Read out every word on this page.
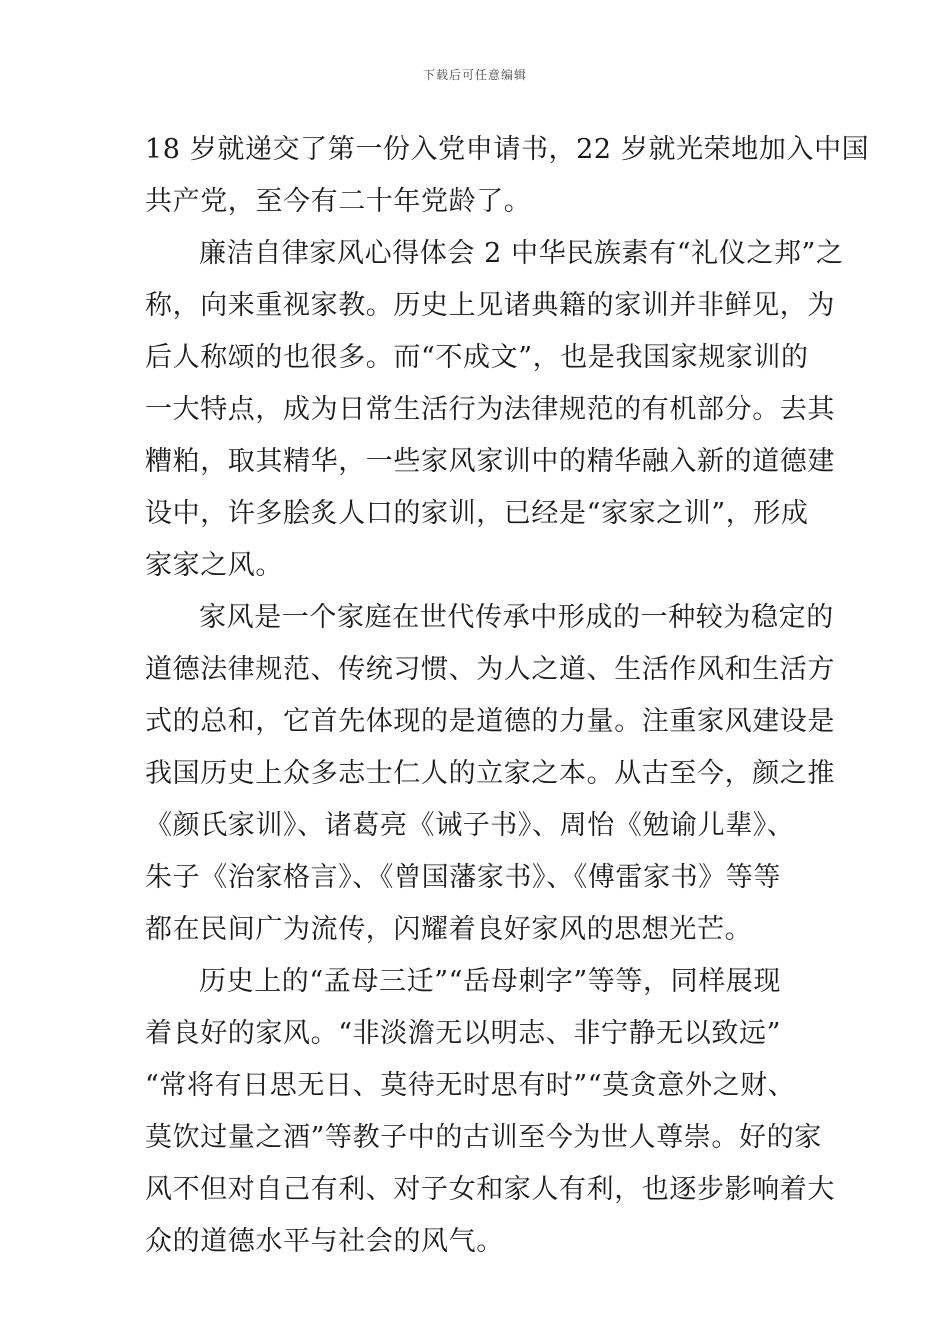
下载后可任意编辑
18 岁就递交了第一份入党申请书，22 岁就光荣地加入中国
共产党，至今有二十年党龄了。
廉洁自律家风心得体会 2 中华民族素有“礼仪之邦”之
称，向来重视家教。历史上见诸典籍的家训并非鲜见，为
后人称颂的也很多。而“不成文”，也是我国家规家训的
一大特点，成为日常生活行为法律规范的有机部分。去其
糟粕，取其精华，一些家风家训中的精华融入新的道德建
设中，许多脍炙人口的家训，已经是“家家之训”，形成
家家之风。
家风是一个家庭在世代传承中形成的一种较为稳定的
道德法律规范、传统习惯、为人之道、生活作风和生活方
式的总和，它首先体现的是道德的力量。注重家风建设是
我国历史上众多志士仁人的立家之本。从古至今，颜之推
《颜氏家训》、诸葛亮《诫子书》、周怡《勉谕儿辈》、
朱子《治家格言》、《曾国藩家书》、《傅雷家书》等等
都在民间广为流传，闪耀着良好家风的思想光芒。
历史上的“孟母三迁”“岳母刺字”等等，同样展现
着良好的家风。“非淡澹无以明志、非宁静无以致远”
“常将有日思无日、莫待无时思有时”“莫贪意外之财、
莫饮过量之酒”等教子中的古训至今为世人尊崇。好的家
风不但对自己有利、对子女和家人有利，也逐步影响着大
众的道德水平与社会的风气。
